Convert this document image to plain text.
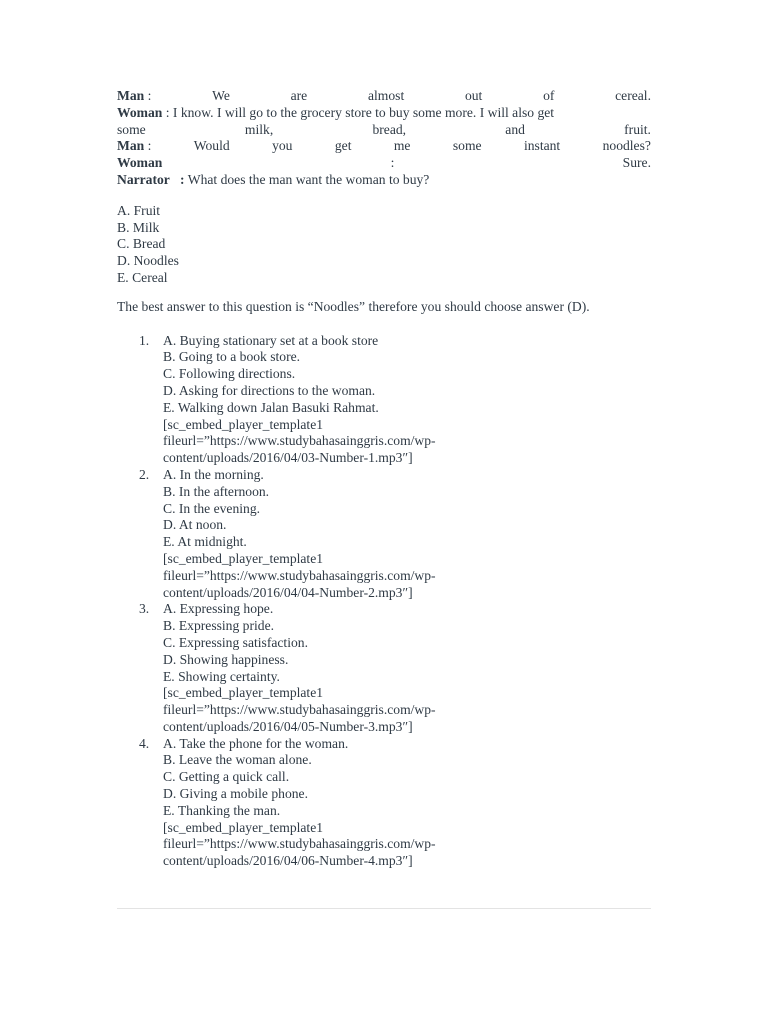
Man :	We	are	almost	out	of	cereal.
Woman : I know. I will go to the grocery store to buy some more. I will also get
some	milk,	bread,	and	fruit.
Man :	Would	you	get	me	some	instant	noodles?
Woman	:	Sure.
Narrator : What does the man want the woman to buy?
A. Fruit
B. Milk
C. Bread
D. Noodles
E. Cereal
The best answer to this question is “Noodles” therefore you should choose answer (D).
1. A. Buying stationary set at a book store
B. Going to a book store.
C. Following directions.
D. Asking for directions to the woman.
E. Walking down Jalan Basuki Rahmat.
[sc_embed_player_template1
fileurl=”https://www.studybahasainggris.com/wp-
content/uploads/2016/04/03-Number-1.mp3″]
2. A. In the morning.
B. In the afternoon.
C. In the evening.
D. At noon.
E. At midnight.
[sc_embed_player_template1
fileurl=”https://www.studybahasainggris.com/wp-
content/uploads/2016/04/04-Number-2.mp3″]
3. A. Expressing hope.
B. Expressing pride.
C. Expressing satisfaction.
D. Showing happiness.
E. Showing certainty.
[sc_embed_player_template1
fileurl=”https://www.studybahasainggris.com/wp-
content/uploads/2016/04/05-Number-3.mp3″]
4. A. Take the phone for the woman.
B. Leave the woman alone.
C. Getting a quick call.
D. Giving a mobile phone.
E. Thanking the man.
[sc_embed_player_template1
fileurl=”https://www.studybahasainggris.com/wp-
content/uploads/2016/04/06-Number-4.mp3″]
